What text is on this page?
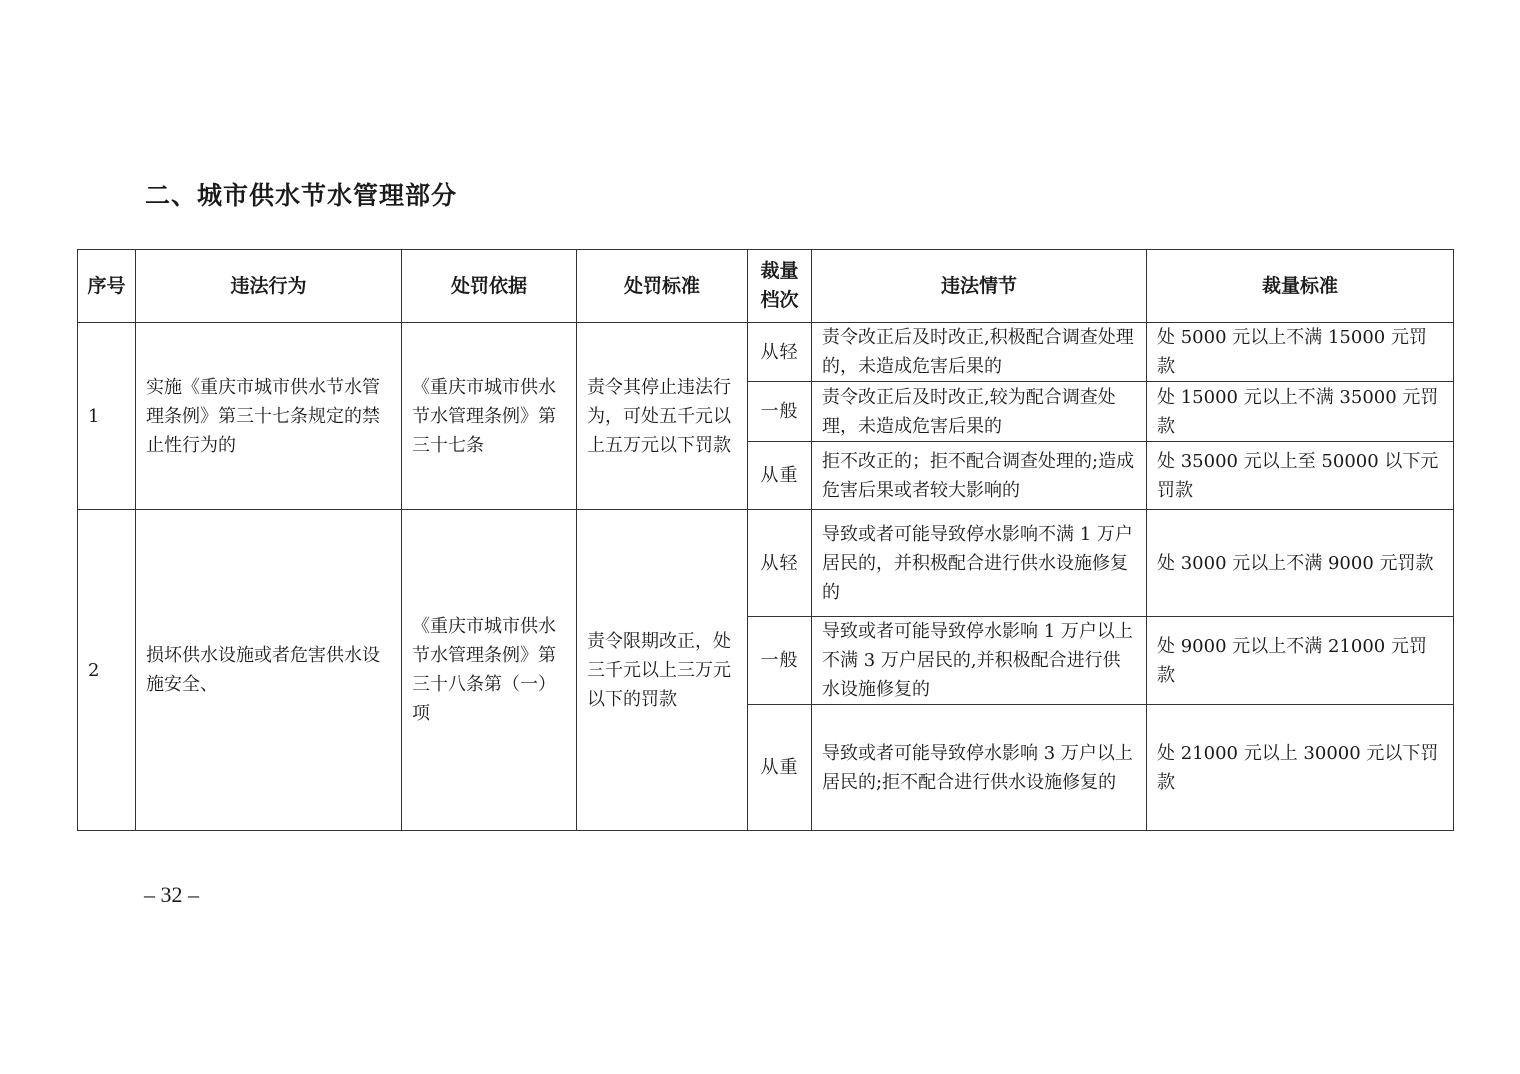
二、城市供水节水管理部分
序号	违法行为	处罚依据	处罚标准	裁量档次	违法情节	裁量标准
1	实施《重庆市城市供水节水管理条例》第三十七条规定的禁止性行为的	《重庆市城市供水节水管理条例》第三十七条	责令其停止违法行为，可处五千元以上五万元以下罚款	从轻	责令改正后及时改正,积极配合调查处理的，未造成危害后果的	处 5000 元以上不满 15000 元罚款
				一般	责令改正后及时改正,较为配合调查处理，未造成危害后果的	处 15000 元以上不满 35000 元罚款
				从重	拒不改正的；拒不配合调查处理的;造成危害后果或者较大影响的	处 35000 元以上至 50000 以下元罚款
2	损坏供水设施或者危害供水设施安全、	《重庆市城市供水节水管理条例》第三十八条第（一）项	责令限期改正，处三千元以上三万元以下的罚款	从轻	导致或者可能导致停水影响不满 1 万户居民的，并积极配合进行供水设施修复的	处 3000 元以上不满 9000 元罚款
				一般	导致或者可能导致停水影响 1 万户以上不满 3 万户居民的,并积极配合进行供水设施修复的	处 9000 元以上不满 21000 元罚款
				从重	导致或者可能导致停水影响 3 万户以上居民的;拒不配合进行供水设施修复的	处 21000 元以上 30000 元以下罚款
– 32 –
